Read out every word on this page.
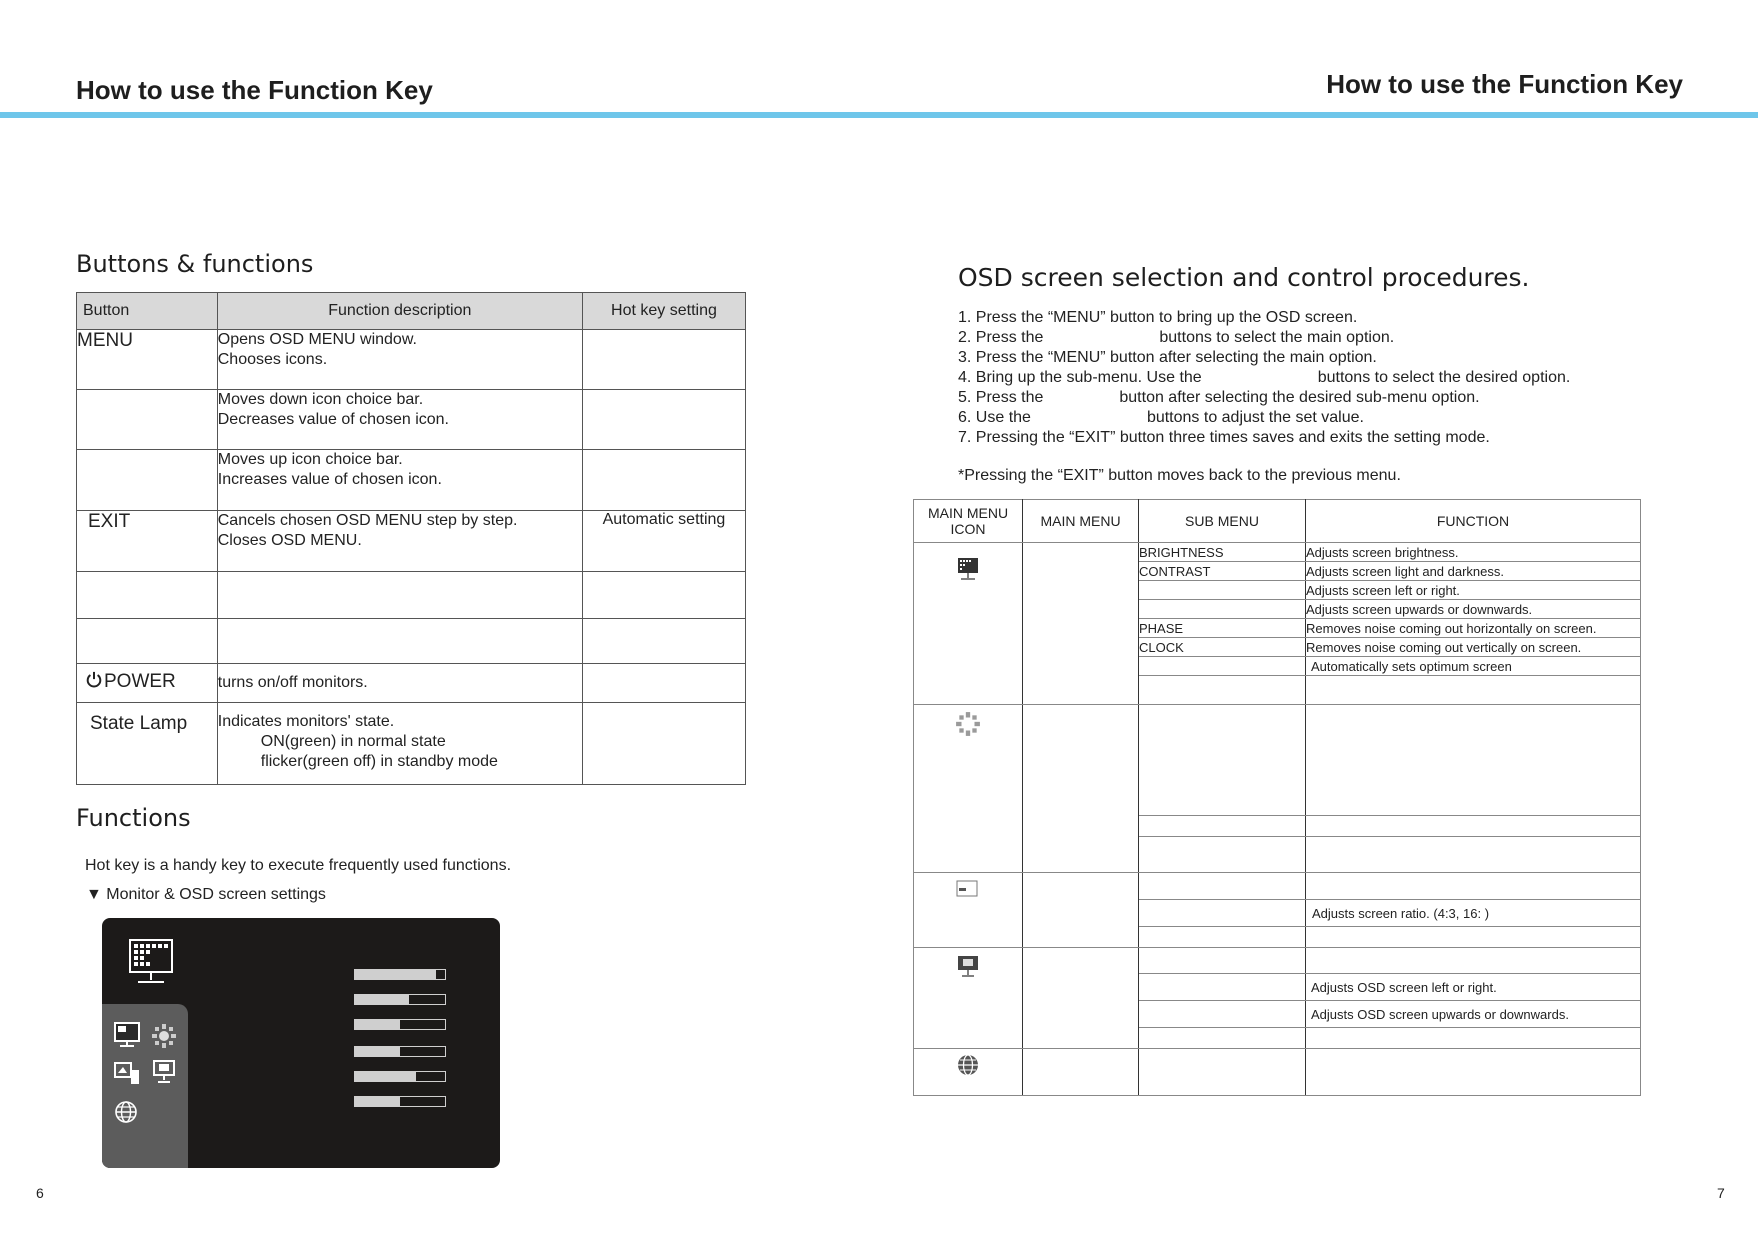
How to use the Function Key	How to use the Function Key
Buttons & functions
Button	Function description	Hot key setting
MENU	Opens OSD MENU window.
Chooses icons.	

	Moves down icon choice bar.
Decreases value of chosen icon.	

	Moves up icon choice bar.
Increases value of chosen icon.	

EXIT	Cancels chosen OSD MENU step by step.
Closes OSD MENU.	Automatic setting

POWER	turns on/off monitors.	

State Lamp	Indicates monitors' state.
ON(green) in normal state
flicker(green off) in standby mode	

Functions
Hot key is a handy key to execute frequently used functions.
▼ Monitor & OSD screen settings
6
OSD screen selection and control procedures.
1. Press the “MENU” button to bring up the OSD screen.
2. Press the	buttons to select the main option.
3. Press the “MENU” button after selecting the main option.
4. Bring up the sub-menu. Use the	buttons to select the desired option.
5. Press the	button after selecting the desired sub-menu option.
6. Use the	buttons to adjust the set value.
7. Pressing the “EXIT” button three times saves and exits the setting mode.
*Pressing the “EXIT” button moves back to the previous menu.
MAIN MENU ICON	MAIN MENU	SUB MENU	FUNCTION
		BRIGHTNESS	Adjusts screen brightness.
		CONTRAST	Adjusts screen light and darkness.
			Adjusts screen left or right.
			Adjusts screen upwards or downwards.
		PHASE	Removes noise coming out horizontally on screen.
		CLOCK	Removes noise coming out vertically on screen.
			Automatically sets optimum screen

			Adjusts screen ratio. (4:3, 16: )

			Adjusts OSD screen left or right.
			Adjusts OSD screen upwards or downwards.

7
